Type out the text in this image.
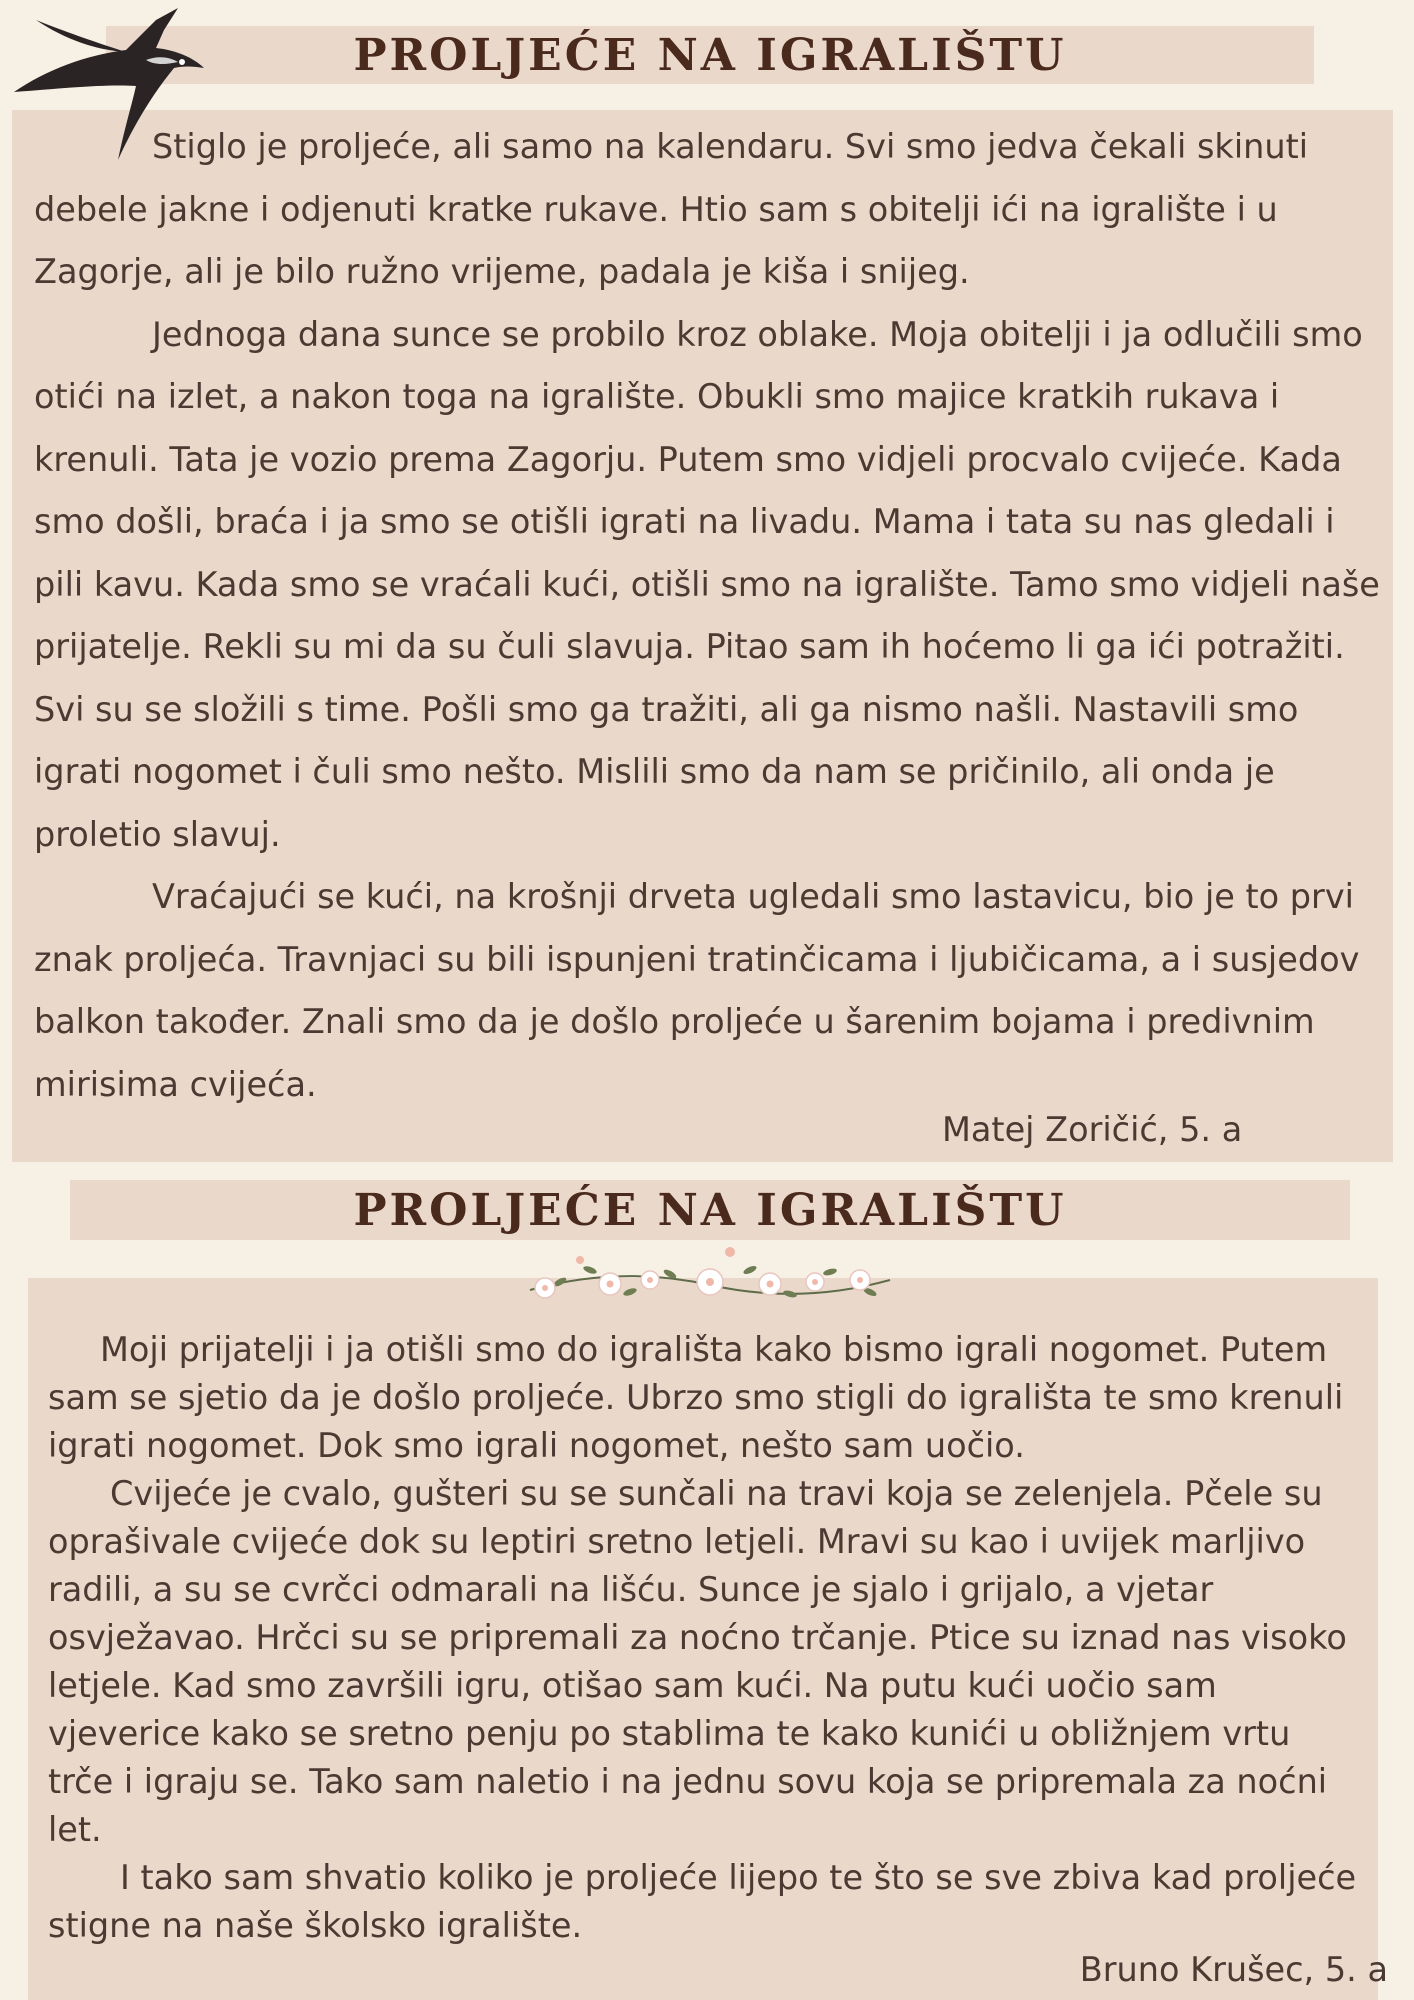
PROLJEĆE NA IGRALIŠTU

Stiglo je proljeće, ali samo na kalendaru. Svi smo jedva čekali skinuti debele jakne i odjenuti kratke rukave. Htio sam s obitelji ići na igralište i u Zagorje, ali je bilo ružno vrijeme, padala je kiša i snijeg.

Jednoga dana sunce se probilo kroz oblake. Moja obitelji i ja odlučili smo otići na izlet, a nakon toga na igralište. Obukli smo majice kratkih rukava i krenuli. Tata je vozio prema Zagorju. Putem smo vidjeli procvalo cvijeće. Kada smo došli, braća i ja smo se otišli igrati na livadu. Mama i tata su nas gledali i pili kavu. Kada smo se vraćali kući, otišli smo na igralište. Tamo smo vidjeli naše prijatelje. Rekli su mi da su čuli slavuja. Pitao sam ih hoćemo li ga ići potražiti. Svi su se složili s time. Pošli smo ga tražiti, ali ga nismo našli. Nastavili smo igrati nogomet i čuli smo nešto. Mislili smo da nam se pričinilo, ali onda je proletio slavuj.

Vraćajući se kući, na krošnji drveta ugledali smo lastavicu, bio je to prvi znak proljeća. Travnjaci su bili ispunjeni tratinčicama i ljubičicama, a i susjedov balkon također. Znali smo da je došlo proljeće u šarenim bojama i predivnim mirisima cvijeća.

Matej Zoričić, 5. a

PROLJEĆE NA IGRALIŠTU

Moji prijatelji i ja otišli smo do igrališta kako bismo igrali nogomet. Putem sam se sjetio da je došlo proljeće. Ubrzo smo stigli do igrališta te smo krenuli igrati nogomet. Dok smo igrali nogomet, nešto sam uočio.

Cvijeće je cvalo, gušteri su se sunčali na travi koja se zelenjela. Pčele su oprašivale cvijeće dok su leptiri sretno letjeli. Mravi su kao i uvijek marljivo radili, a su se cvrčci odmarali na lišću. Sunce je sjalo i grijalo, a vjetar osvježavao. Hrčci su se pripremali za noćno trčanje. Ptice su iznad nas visoko letjele. Kad smo završili igru, otišao sam kući. Na putu kući uočio sam vjeverice kako se sretno penju po stablima te kako kunići u obližnjem vrtu trče i igraju se. Tako sam naletio i na jednu sovu koja se pripremala za noćni let.

I tako sam shvatio koliko je proljeće lijepo te što se sve zbiva kad proljeće stigne na naše školsko igralište.

Bruno Krušec, 5. a
